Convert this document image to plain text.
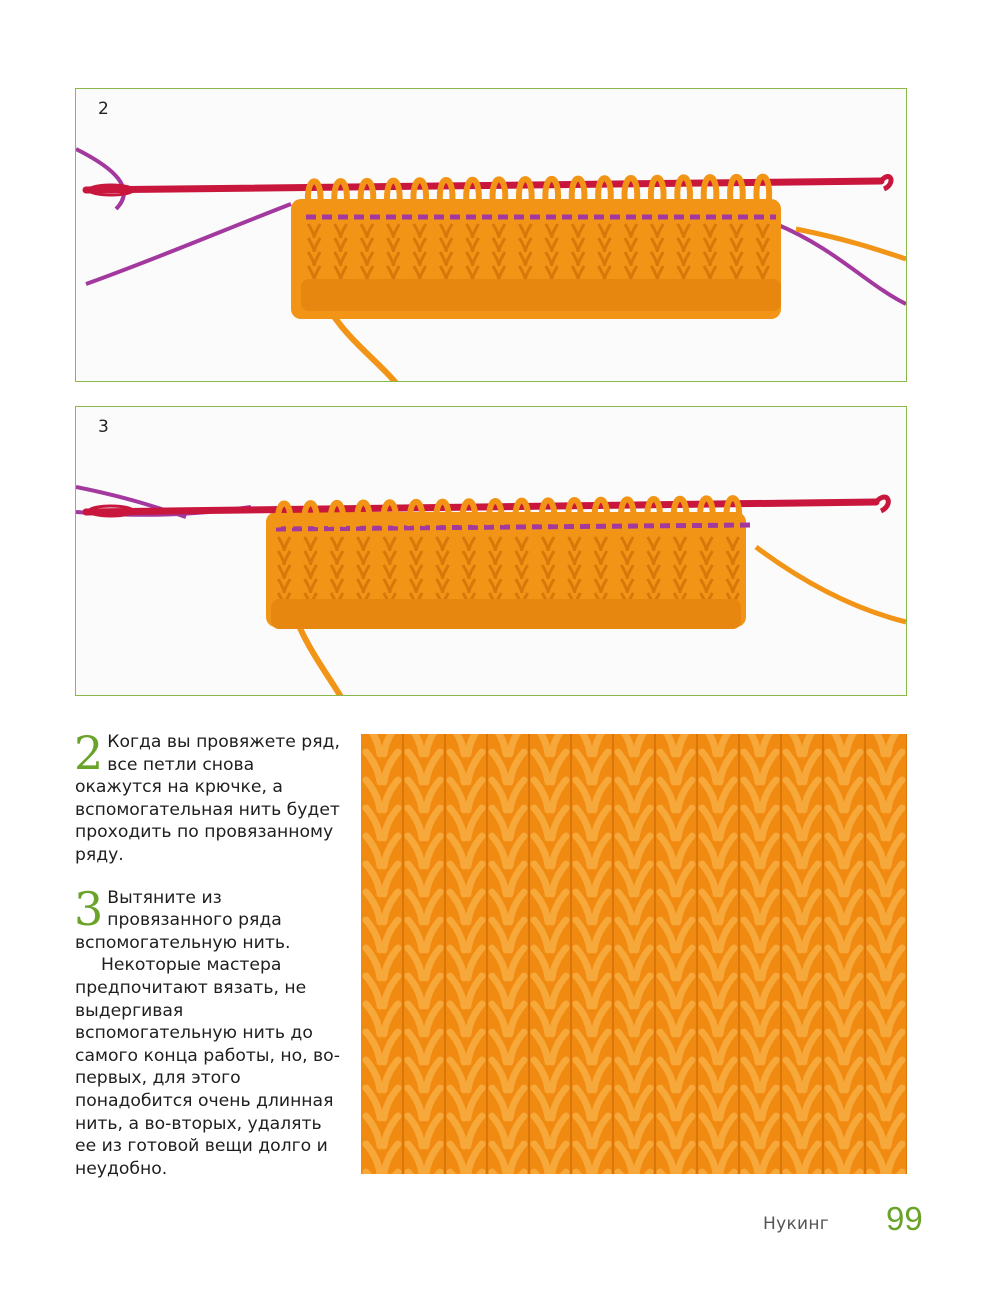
2
3

2 Когда вы провяжете ряд, все петли снова окажутся на крючке, а вспомогательная нить будет проходить по провязанному ряду.

3 Вытяните из провязанного ряда вспомогательную нить.

Некоторые мастера предпочитают вязать, не выдергивая вспомогательную нить до самого конца работы, но, во-первых, для этого понадобится очень длинная нить, а во-вторых, удалять ее из готовой вещи долго и неудобно.

Нукинг 99
